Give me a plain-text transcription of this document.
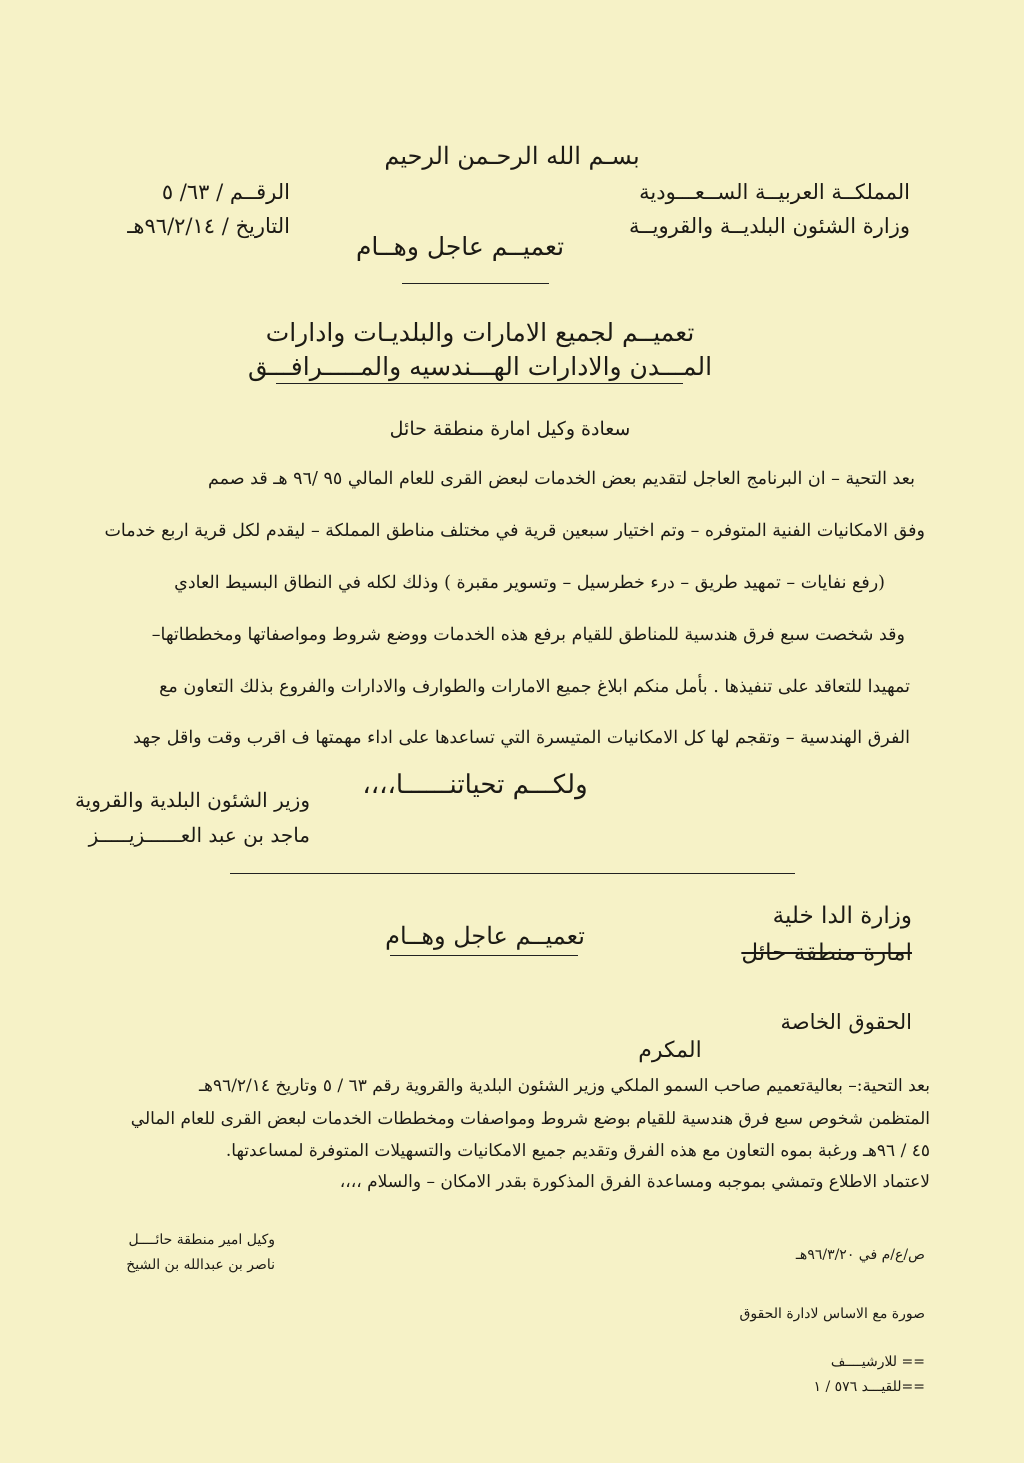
بسـم الله الرحـمن الرحيم
المملكــة العربيــة الســعـــودية
وزارة الشئون البلديــة والقرويــة
الرقــم / ٦٣/ ٥
التاريخ / ٩٦/٢/١٤هـ
تعميــم عاجل وهــام
تعميــم لجميع الامارات والبلديـات وادارات
المـــدن والادارات الهـــندسيه والمـــــرافـــق
سعادة وكيل امارة منطقة حائل
بعد التحية – ان البرنامج العاجل لتقديم بعض الخدمات لبعض القرى للعام المالي ٩٥ /٩٦ هـ قد صمم
وفق الامكانيات الفنية المتوفره – وتم اختيار سبعين قرية في مختلف مناطق المملكة – ليقدم لكل قرية اربع خدمات
(رفع نفايات – تمهيد طريق – درء خطرسيل – وتسوير مقبرة ) وذلك لكله في النطاق البسيط العادي
وقد شخصت سبع فرق هندسية للمناطق للقيام برفع هذه الخدمات ووضع شروط ومواصفاتها ومخططاتها–
تمهيدا للتعاقد على تنفيذها . بأمل منكم ابلاغ جميع الامارات والطوارف والادارات والفروع بذلك التعاون مع
الفرق الهندسية – وتقجم لها كل الامكانيات المتيسرة التي تساعدها على اداء مهمتها ف اقرب وقت واقل جهد
ولكـــم تحياتنــــــا،،،،
وزير الشئون البلدية والقروية
ماجد بن عبد العــــــزيـــــز
وزارة الدا خلية
امارة منطقة حائل
تعميــم عاجل وهــام
الحقوق الخاصة
المكرم
بعد التحية:– بعاليةتعميم صاحب السمو الملكي وزير الشئون البلدية والقروية رقم ٦٣ / ٥ وتاريخ ٩٦/٢/١٤هـ
المتظمن شخوص سبع فرق هندسية للقيام بوضع شروط ومواصفات ومخططات الخدمات لبعض القرى للعام المالي
٤٥ / ٩٦هـ ورغبة بموه التعاون مع هذه الفرق وتقديم جميع الامكانيات والتسهيلات المتوفرة لمساعدتها.
لاعتماد الاطلاع وتمشي بموجبه ومساعدة الفرق المذكورة بقدر الامكان – والسلام ،،،،
ص/ع/م في ٩٦/٣/٢٠هـ
وكيل امير منطقة حائــــل
ناصر بن عبدالله بن الشيخ
صورة مع الاساس لادارة الحقوق
== للارشيــــف
==للقيـــد ٥٧٦ / ١
